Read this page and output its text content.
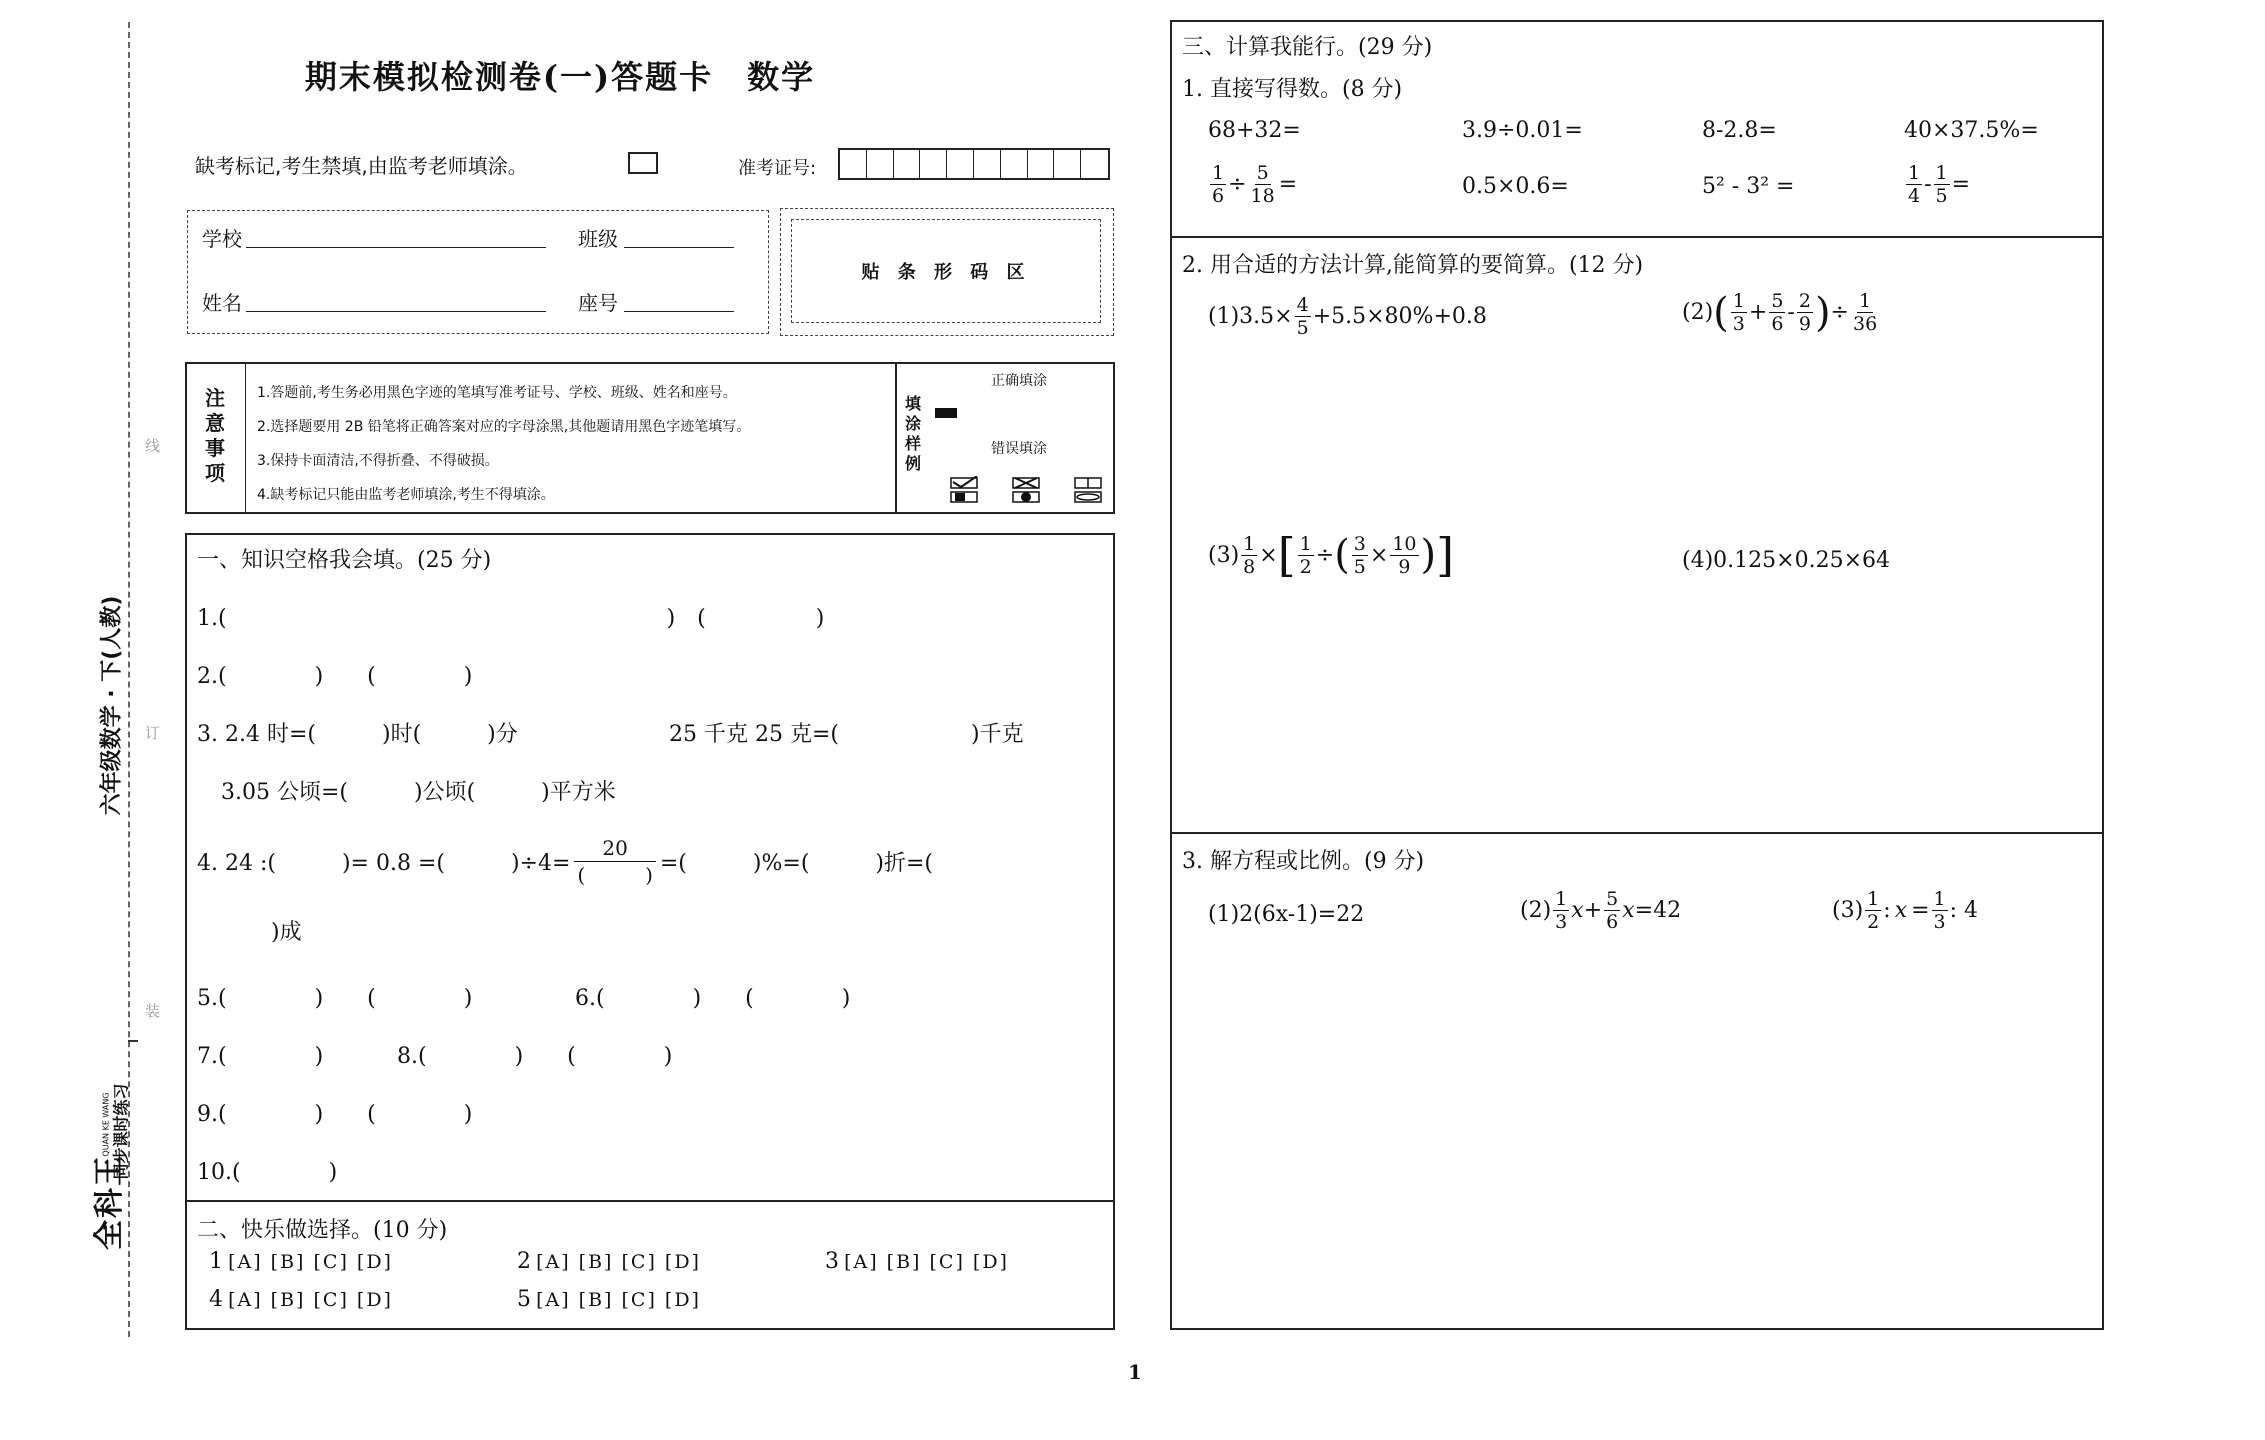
线
订
装
六年级数学 · 下(人教)
全科王
同步课时练习
QUAN KE WANG
期末模拟检测卷(一)答题卡　数学
缺考标记,考生禁填,由监考老师填涂。	准考证号:
学校	班级
姓名	座号
贴 条 形 码 区
注
意
事
项
1.答题前,考生务必用黑色字迹的笔填写准考证号、学校、班级、姓名和座号。
2.选择题要用 2B 铅笔将正确答案对应的字母涂黑,其他题请用黑色字迹笔填写。
3.保持卡面清洁,不得折叠、不得破损。
4.缺考标记只能由监考老师填涂,考生不得填涂。
填
涂
样
例
正确填涂
错误填涂
一、知识空格我会填。(25 分)
1.(　　　　　　　　　　　　　　　　　　　　)　(　　　　　)
2.(　　　　)　　(　　　　)
3. 2.4 时=(　　　)时(　　　)分	25 千克 25 克=(　　　　　　)千克
3.05 公顷=(　　　)公顷(　　　)平方米
4. 24 :(　　　)= 0.8 =(　　　)$\div 4= \frac{20}{( )}$ =(　　　)%=(　　　)折=(
)成
5.(　　　　)　　(　　　　)	6.(　　　　)　　(　　　　)
7.(　　　　)	8.(　　　　)　　(　　　　)
9.(　　　　)　　(　　　　)
10.(　　　　)
二、快乐做选择。(10 分)
1 [A] [B] [C] [D]	2 [A] [B] [C] [D]	3 [A] [B] [C] [D]
4 [A] [B] [C] [D]	5 [A] [B] [C] [D]
三、计算我能行。(29 分)
1. 直接写得数。(8 分)
68+32=	3.9÷0.01=	8-2.8=	40×37.5%=
$\frac{1}{6} \div \frac{5}{18}$ =	0.5×0.6=	5² - 3² =	$\frac{1}{4} - \frac{1}{5}$ =
2. 用合适的方法计算,能简算的要简算。(12 分)
$(1)3.5\times \frac{4}{5} +5.5\times 80\%+0.8$	(2) ( $\frac{1}{3} + \frac{5}{6} - \frac{2}{9}$ ) ÷ $\frac{1}{36}$
$(3) \frac{1}{8}$ × [ $\frac{1}{2}$ ÷ ( $\frac{3}{5} \times \frac{10}{9}$ ) ]	(4)0.125×0.25×64
3. 解方程或比例。(9 分)
(1)2(6x-1)=22	$(2) \frac{1}{3}$ $x + \frac{5}{6}$ x =42	$(3) \frac{1}{2}$ : $x = \frac{1}{3}$ : 4
1
